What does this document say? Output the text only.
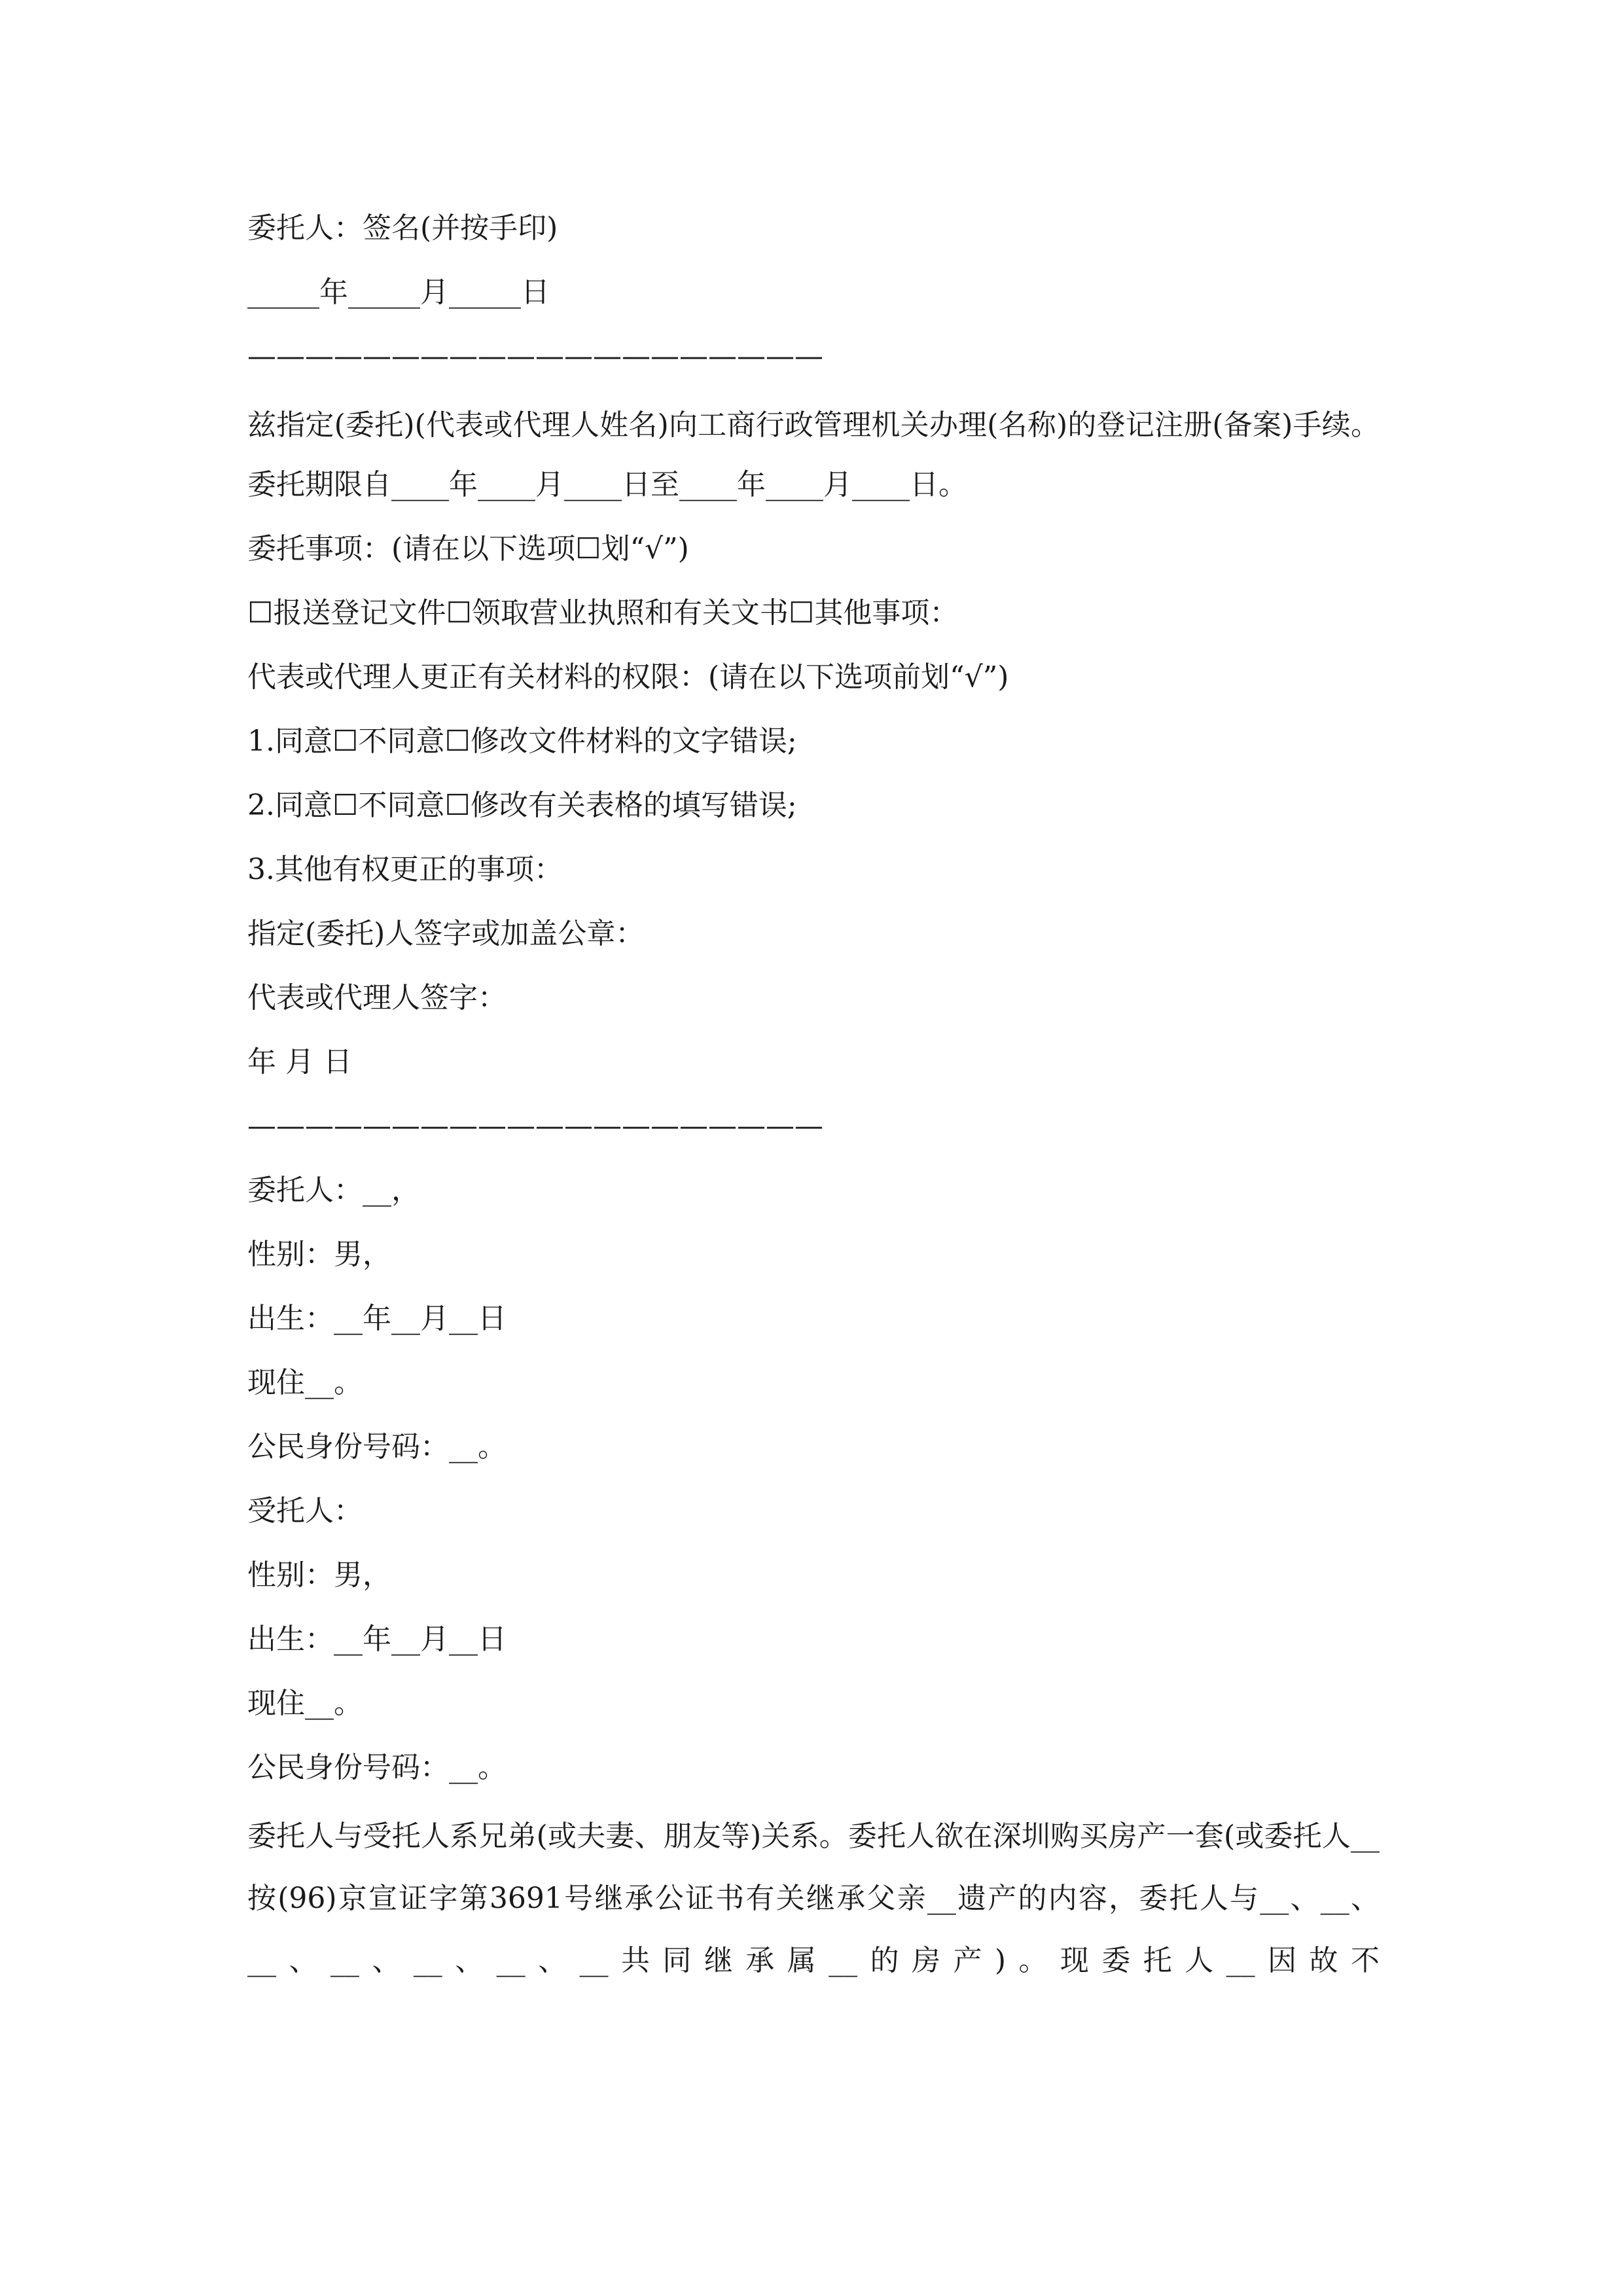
委托人：签名(并按手印)
_____年_____月_____日
————————————————————
兹指定(委托)(代表或代理人姓名)向工商行政管理机关办理(名称)的登记注册(备案)手续。
委托期限自____年____月____日至____年____月____日。
委托事项：(请在以下选项☐划“√”)
☐报送登记文件☐领取营业执照和有关文书☐其他事项：
代表或代理人更正有关材料的权限：(请在以下选项前划“√”)
1.同意☐不同意☐修改文件材料的文字错误;
2.同意☐不同意☐修改有关表格的填写错误;
3.其他有权更正的事项：
指定(委托)人签字或加盖公章：
代表或代理人签字：
年 月 日
————————————————————
委托人：__，
性别：男，
出生：__年__月__日
现住__。
公民身份号码：__。
受托人：
性别：男，
出生：__年__月__日
现住__。
公民身份号码：__。
委托人与受托人系兄弟(或夫妻、朋友等)关系。委托人欲在深圳购买房产一套(或委托人__按(96)京宣证字第3691号继承公证书有关继承父亲__遗产的内容，委托人与__、__、__、__、__、__、__共同继承属__的房产)。现委托人__因故不
